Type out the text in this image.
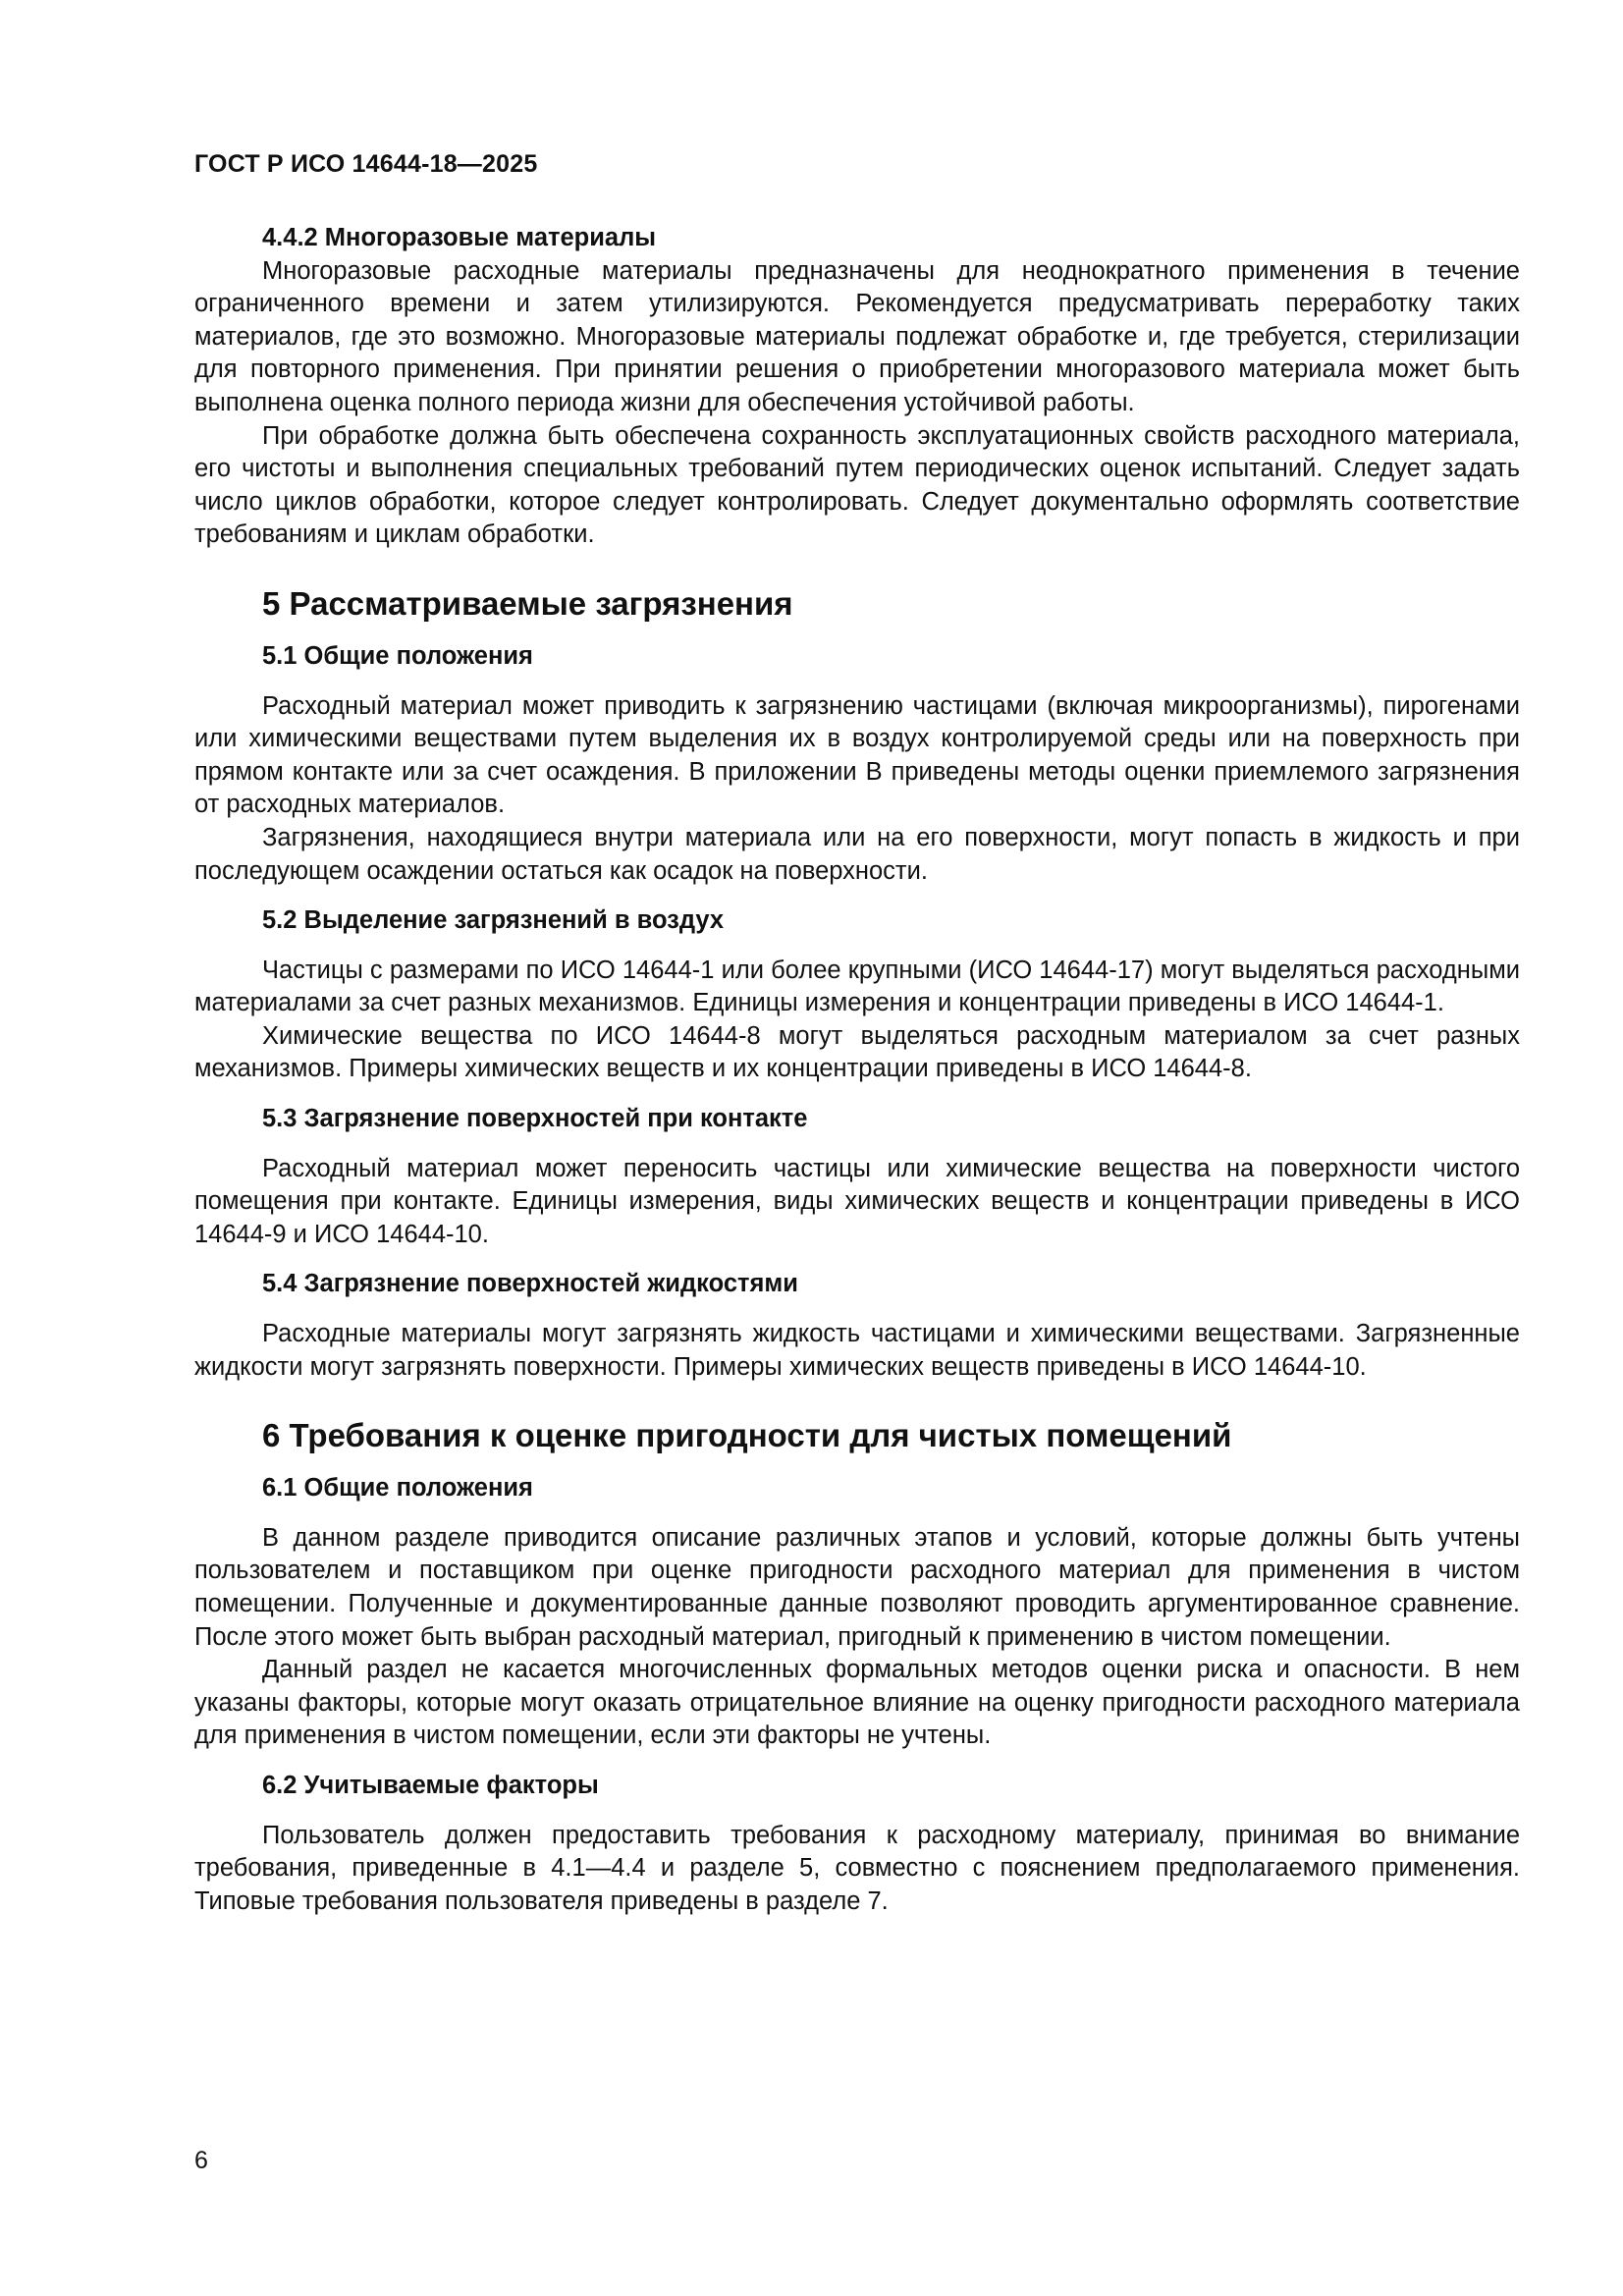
ГОСТ Р ИСО 14644-18—2025
4.4.2 Многоразовые материалы

Многоразовые расходные материалы предназначены для неоднократного применения в течение ограниченного времени и затем утилизируются. Рекомендуется предусматривать переработку таких материалов, где это возможно. Многоразовые материалы подлежат обработке и, где требуется, стерилизации для повторного применения. При принятии решения о приобретении многоразового материала может быть выполнена оценка полного периода жизни для обеспечения устойчивой работы.

При обработке должна быть обеспечена сохранность эксплуатационных свойств расходного материала, его чистоты и выполнения специальных требований путем периодических оценок испытаний. Следует задать число циклов обработки, которое следует контролировать. Следует документально оформлять соответствие требованиям и циклам обработки.

5 Рассматриваемые загрязнения
5.1 Общие положения

Расходный материал может приводить к загрязнению частицами (включая микроорганизмы), пирогенами или химическими веществами путем выделения их в воздух контролируемой среды или на поверхность при прямом контакте или за счет осаждения. В приложении В приведены методы оценки приемлемого загрязнения от расходных материалов.

Загрязнения, находящиеся внутри материала или на его поверхности, могут попасть в жидкость и при последующем осаждении остаться как осадок на поверхности.

5.2 Выделение загрязнений в воздух

Частицы с размерами по ИСО 14644-1 или более крупными (ИСО 14644-17) могут выделяться расходными материалами за счет разных механизмов. Единицы измерения и концентрации приведены в ИСО 14644-1.

Химические вещества по ИСО 14644-8 могут выделяться расходным материалом за счет разных механизмов. Примеры химических веществ и их концентрации приведены в ИСО 14644-8.

5.3 Загрязнение поверхностей при контакте

Расходный материал может переносить частицы или химические вещества на поверхности чистого помещения при контакте. Единицы измерения, виды химических веществ и концентрации приведены в ИСО 14644-9 и ИСО 14644-10.

5.4 Загрязнение поверхностей жидкостями

Расходные материалы могут загрязнять жидкость частицами и химическими веществами. Загрязненные жидкости могут загрязнять поверхности. Примеры химических веществ приведены в ИСО 14644-10.

6 Требования к оценке пригодности для чистых помещений
6.1 Общие положения

В данном разделе приводится описание различных этапов и условий, которые должны быть учтены пользователем и поставщиком при оценке пригодности расходного материал для применения в чистом помещении. Полученные и документированные данные позволяют проводить аргументированное сравнение. После этого может быть выбран расходный материал, пригодный к применению в чистом помещении.

Данный раздел не касается многочисленных формальных методов оценки риска и опасности. В нем указаны факторы, которые могут оказать отрицательное влияние на оценку пригодности расходного материала для применения в чистом помещении, если эти факторы не учтены.

6.2 Учитываемые факторы

Пользователь должен предоставить требования к расходному материалу, принимая во внимание требования, приведенные в 4.1—4.4 и разделе 5, совместно с пояснением предполагаемого применения. Типовые требования пользователя приведены в разделе 7.

6
